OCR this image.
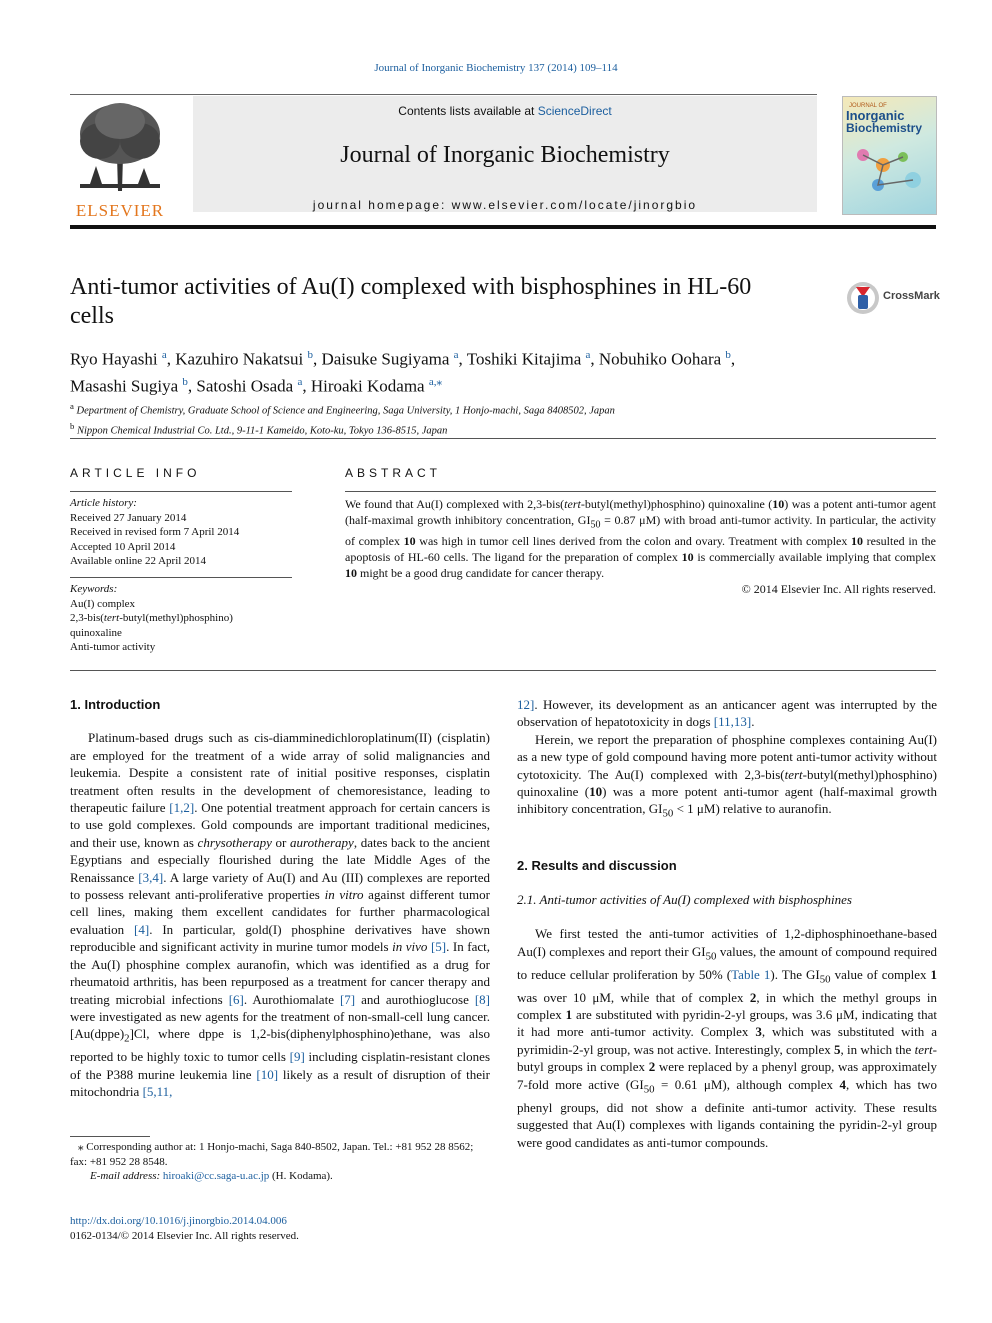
Journal of Inorganic Biochemistry 137 (2014) 109–114
ELSEVIER
Contents lists available at ScienceDirect
Journal of Inorganic Biochemistry
journal homepage: www.elsevier.com/locate/jinorgbio
JOURNAL OF
Inorganic
Biochemistry
Anti-tumor activities of Au(I) complexed with bisphosphines in HL-60 cells
CrossMark
Ryo Hayashi $^a$, Kazuhiro Nakatsui $^b$, Daisuke Sugiyama $^a$, Toshiki Kitajima $^a$, Nobuhiko Oohara $^b$,
Masashi Sugiya $^b$, Satoshi Osada $^a$, Hiroaki Kodama $^{a,⁎}$
$^a$ Department of Chemistry, Graduate School of Science and Engineering, Saga University, 1 Honjo-machi, Saga 8408502, Japan
$^b$ Nippon Chemical Industrial Co. Ltd., 9-11-1 Kameido, Koto-ku, Tokyo 136-8515, Japan
ARTICLE INFO
Article history:
Received 27 January 2014
Received in revised form 7 April 2014
Accepted 10 April 2014
Available online 22 April 2014
Keywords:
Au(I) complex
2,3-bis(tert-butyl(methyl)phosphino)
quinoxaline
Anti-tumor activity
ABSTRACT
We found that Au(I) complexed with 2,3-bis(tert-butyl(methyl)phosphino) quinoxaline (10) was a potent anti-tumor agent (half-maximal growth inhibitory concentration, $GI_{50} = 0.87$ μM) with broad anti-tumor activity. In particular, the activity of complex 10 was high in tumor cell lines derived from the colon and ovary. Treatment with complex 10 resulted in the apoptosis of HL-60 cells. The ligand for the preparation of complex 10 is commercially available implying that complex 10 might be a good drug candidate for cancer therapy.
© 2014 Elsevier Inc. All rights reserved.
1. Introduction

Platinum-based drugs such as cis-diamminedichloroplatinum(II) (cisplatin) are employed for the treatment of a wide array of solid malignancies and leukemia. Despite a consistent rate of initial positive responses, cisplatin treatment often results in the development of chemoresistance, leading to therapeutic failure [1,2]. One potential treatment approach for certain cancers is to use gold complexes. Gold compounds are important traditional medicines, and their use, known as chrysotherapy or aurotherapy, dates back to the ancient Egyptians and especially flourished during the late Middle Ages of the Renaissance [3,4]. A large variety of Au(I) and Au (III) complexes are reported to possess relevant anti-proliferative properties in vitro against different tumor cell lines, making them excellent candidates for further pharmacological evaluation [4]. In particular, gold(I) phosphine derivatives have shown reproducible and significant activity in murine tumor models in vivo [5]. In fact, the Au(I) phosphine complex auranofin, which was identified as a drug for rheumatoid arthritis, has been repurposed as a treatment for cancer therapy and treating microbial infections [6]. Aurothiomalate [7] and aurothioglucose [8] were investigated as new agents for the treatment of non-small-cell lung cancer. $[Au(dppe)_2]Cl$, where dppe is 1,2-bis(diphenylphosphino)ethane, was also reported to be highly toxic to tumor cells [9] including cisplatin-resistant clones of the P388 murine leukemia line [10] likely as a result of disruption of their mitochondria [5,11,

⁎ Corresponding author at: 1 Honjo-machi, Saga 840-8502, Japan. Tel.: +81 952 28 8562; fax: +81 952 28 8548.
E-mail address: hiroaki@cc.saga-u.ac.jp (H. Kodama).
http://dx.doi.org/10.1016/j.jinorgbio.2014.04.006
0162-0134/© 2014 Elsevier Inc. All rights reserved.

12]. However, its development as an anticancer agent was interrupted by the observation of hepatotoxicity in dogs [11,13].

Herein, we report the preparation of phosphine complexes containing Au(I) as a new type of gold compound having more potent anti-tumor activity without cytotoxicity. The Au(I) complexed with 2,3-bis(tert-butyl(methyl)phosphino) quinoxaline (10) was a more potent anti-tumor agent (half-maximal growth inhibitory concentration, $GI_{50} < 1$ μM) relative to auranofin.

2. Results and discussion
2.1. Anti-tumor activities of Au(I) complexed with bisphosphines

We first tested the anti-tumor activities of 1,2-diphosphinoethane-based Au(I) complexes and report their $GI_{50}$ values, the amount of compound required to reduce cellular proliferation by 50% (Table 1). The $GI_{50}$ value of complex 1 was over 10 μM, while that of complex 2, in which the methyl groups in complex 1 are substituted with pyridin-2-yl groups, was 3.6 μM, indicating that it had more anti-tumor activity. Complex 3, which was substituted with a pyrimidin-2-yl group, was not active. Interestingly, complex 5, in which the tert-butyl groups in complex 2 were replaced by a phenyl group, was approximately 7-fold more active ($GI_{50} = 0.61$ μM), although complex 4, which has two phenyl groups, did not show a definite anti-tumor activity. These results suggested that Au(I) complexes with ligands containing the pyridin-2-yl group were good candidates as anti-tumor compounds.
